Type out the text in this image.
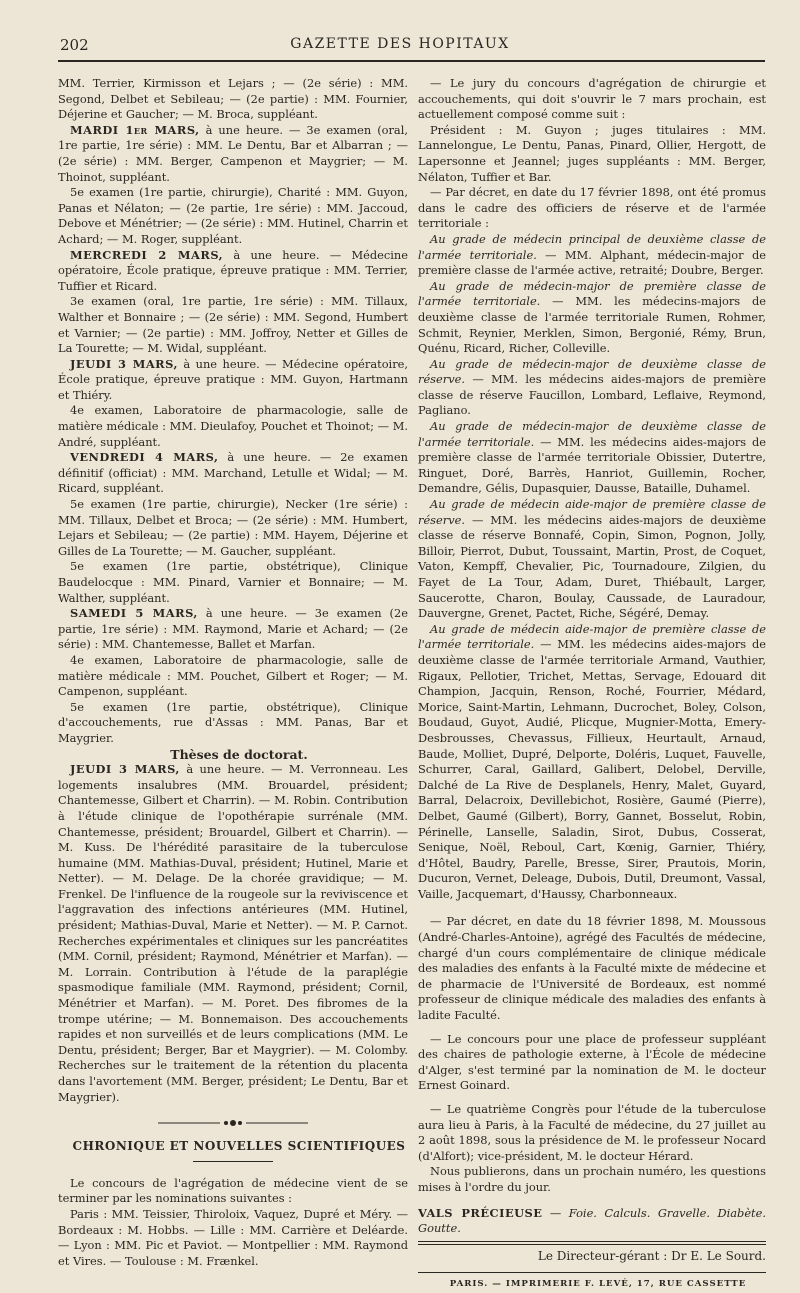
202	GAZETTE DES HOPITAUX

MM. Terrier, Kirmisson et Lejars ; — (2e série) : MM. Segond, Delbet et Sebileau; — (2e partie) : MM. Fournier, Déjerine et Gaucher; — M. Broca, suppléant.

MARDI 1er MARS, à une heure. — 3e examen (oral, 1re partie, 1re série) : MM. Le Dentu, Bar et Albarran ; — (2e série) : MM. Berger, Campenon et Maygrier; — M. Thoinot, suppléant.

5e examen (1re partie, chirurgie), Charité : MM. Guyon, Panas et Nélaton; — (2e partie, 1re série) : MM. Jaccoud, Debove et Ménétrier; — (2e série) : MM. Hutinel, Charrin et Achard; — M. Roger, suppléant.

MERCREDI 2 MARS, à une heure. — Médecine opératoire, École pratique, épreuve pratique : MM. Terrier, Tuffier et Ricard.

3e examen (oral, 1re partie, 1re série) : MM. Tillaux, Walther et Bonnaire ; — (2e série) : MM. Segond, Humbert et Varnier; — (2e partie) : MM. Joffroy, Netter et Gilles de La Tourette; — M. Widal, suppléant.

JEUDI 3 MARS, à une heure. — Médecine opératoire, École pratique, épreuve pratique : MM. Guyon, Hartmann et Thiéry.

4e examen, Laboratoire de pharmacologie, salle de matière médicale : MM. Dieulafoy, Pouchet et Thoinot; — M. André, suppléant.

VENDREDI 4 MARS, à une heure. — 2e examen définitif (officiat) : MM. Marchand, Letulle et Widal; — M. Ricard, suppléant.

5e examen (1re partie, chirurgie), Necker (1re série) : MM. Tillaux, Delbet et Broca; — (2e série) : MM. Humbert, Lejars et Sebileau; — (2e partie) : MM. Hayem, Déjerine et Gilles de La Tourette; — M. Gaucher, suppléant.

5e examen (1re partie, obstétrique), Clinique Baudelocque : MM. Pinard, Varnier et Bonnaire; — M. Walther, suppléant.

SAMEDI 5 MARS, à une heure. — 3e examen (2e partie, 1re série) : MM. Raymond, Marie et Achard; — (2e série) : MM. Chantemesse, Ballet et Marfan.

4e examen, Laboratoire de pharmacologie, salle de matière médicale : MM. Pouchet, Gilbert et Roger; — M. Campenon, suppléant.

5e examen (1re partie, obstétrique), Clinique d'accouchements, rue d'Assas : MM. Panas, Bar et Maygrier.

Thèses de doctorat.

JEUDI 3 MARS, à une heure. — M. Verronneau. Les logements insalubres (MM. Brouardel, président; Chantemesse, Gilbert et Charrin). — M. Robin. Contribution à l'étude clinique de l'opothérapie surrénale (MM. Chantemesse, président; Brouardel, Gilbert et Charrin). — M. Kuss. De l'hérédité parasitaire de la tuberculose humaine (MM. Mathias-Duval, président; Hutinel, Marie et Netter). — M. Delage. De la chorée gravidique; — M. Frenkel. De l'influence de la rougeole sur la reviviscence et l'aggravation des infections antérieures (MM. Hutinel, président; Mathias-Duval, Marie et Netter). — M. P. Carnot. Recherches expérimentales et cliniques sur les pancréatites (MM. Cornil, président; Raymond, Ménétrier et Marfan). — M. Lorrain. Contribution à l'étude de la paraplégie spasmodique familiale (MM. Raymond, président; Cornil, Ménétrier et Marfan). — M. Poret. Des fibromes de la trompe utérine; — M. Bonnemaison. Des accouchements rapides et non surveillés et de leurs complications (MM. Le Dentu, président; Berger, Bar et Maygrier). — M. Colomby. Recherches sur le traitement de la rétention du placenta dans l'avortement (MM. Berger, président; Le Dentu, Bar et Maygrier).

CHRONIQUE ET NOUVELLES SCIENTIFIQUES

Le concours de l'agrégation de médecine vient de se terminer par les nominations suivantes :

Paris : MM. Teissier, Thiroloix, Vaquez, Dupré et Méry. — Bordeaux : M. Hobbs. — Lille : MM. Carrière et Deléarde. — Lyon : MM. Pic et Paviot. — Montpellier : MM. Raymond et Vires. — Toulouse : M. Frænkel.

— Le jury du concours d'agrégation de chirurgie et accouchements, qui doit s'ouvrir le 7 mars prochain, est actuellement composé comme suit :

Président : M. Guyon ; juges titulaires : MM. Lannelongue, Le Dentu, Panas, Pinard, Ollier, Hergott, de Lapersonne et Jeannel; juges suppléants : MM. Berger, Nélaton, Tuffier et Bar.

— Par décret, en date du 17 février 1898, ont été promus dans le cadre des officiers de réserve et de l'armée territoriale :

Au grade de médecin principal de deuxième classe de l'armée territoriale. — MM. Alphant, médecin-major de première classe de l'armée active, retraité; Doubre, Berger.

Au grade de médecin-major de première classe de l'armée territoriale. — MM. les médecins-majors de deuxième classe de l'armée territoriale Rumen, Rohmer, Schmit, Reynier, Merklen, Simon, Bergonié, Rémy, Brun, Quénu, Ricard, Richer, Colleville.

Au grade de médecin-major de deuxième classe de réserve. — MM. les médecins aides-majors de première classe de réserve Faucillon, Lombard, Leflaive, Reymond, Pagliano.

Au grade de médecin-major de deuxième classe de l'armée territoriale. — MM. les médecins aides-majors de première classe de l'armée territoriale Obissier, Dutertre, Ringuet, Doré, Barrès, Hanriot, Guillemin, Rocher, Demandre, Gélis, Dupasquier, Dausse, Bataille, Duhamel.

Au grade de médecin aide-major de première classe de réserve. — MM. les médecins aides-majors de deuxième classe de réserve Bonnafé, Copin, Simon, Pognon, Jolly, Billoir, Pierrot, Dubut, Toussaint, Martin, Prost, de Coquet, Vaton, Kempff, Chevalier, Pic, Tournadoure, Zilgien, du Fayet de La Tour, Adam, Duret, Thiébault, Larger, Saucerotte, Charon, Boulay, Caussade, de Lauradour, Dauvergne, Grenet, Pactet, Riche, Ségéré, Demay.

Au grade de médecin aide-major de première classe de l'armée territoriale. — MM. les médecins aides-majors de deuxième classe de l'armée territoriale Armand, Vauthier, Rigaux, Pellotier, Trichet, Mettas, Servage, Edouard dit Champion, Jacquin, Renson, Roché, Fourrier, Médard, Morice, Saint-Martin, Lehmann, Ducrochet, Boley, Colson, Boudaud, Guyot, Audié, Plicque, Mugnier-Motta, Emery-Desbrousses, Chevassus, Fillieux, Heurtault, Arnaud, Baude, Molliet, Dupré, Delporte, Doléris, Luquet, Fauvelle, Schurrer, Caral, Gaillard, Galibert, Delobel, Derville, Dalché de La Rive de Desplanels, Henry, Malet, Guyard, Barral, Delacroix, Devillebichot, Rosière, Gaumé (Pierre), Delbet, Gaumé (Gilbert), Borry, Gannet, Bosselut, Robin, Périnelle, Lanselle, Saladin, Sirot, Dubus, Cosserat, Senique, Noël, Reboul, Cart, Kœnig, Garnier, Thiéry, d'Hôtel, Baudry, Parelle, Bresse, Sirer, Prautois, Morin, Ducuron, Vernet, Deleage, Dubois, Dutil, Dreumont, Vassal, Vaille, Jacquemart, d'Haussy, Charbonneaux.

— Par décret, en date du 18 février 1898, M. Moussous (André-Charles-Antoine), agrégé des Facultés de médecine, chargé d'un cours complémentaire de clinique médicale des maladies des enfants à la Faculté mixte de médecine et de pharmacie de l'Université de Bordeaux, est nommé professeur de clinique médicale des maladies des enfants à ladite Faculté.

— Le concours pour une place de professeur suppléant des chaires de pathologie externe, à l'École de médecine d'Alger, s'est terminé par la nomination de M. le docteur Ernest Goinard.

— Le quatrième Congrès pour l'étude de la tuberculose aura lieu à Paris, à la Faculté de médecine, du 27 juillet au 2 août 1898, sous la présidence de M. le professeur Nocard (d'Alfort); vice-président, M. le docteur Hérard.

Nous publierons, dans un prochain numéro, les questions mises à l'ordre du jour.

VALS PRÉCIEUSE — Foie. Calculs. Gravelle. Diabète. Goutte.

Le Directeur-gérant : Dr E. Le Sourd.

PARIS. — IMPRIMERIE F. LEVÉ, 17, RUE CASSETTE
